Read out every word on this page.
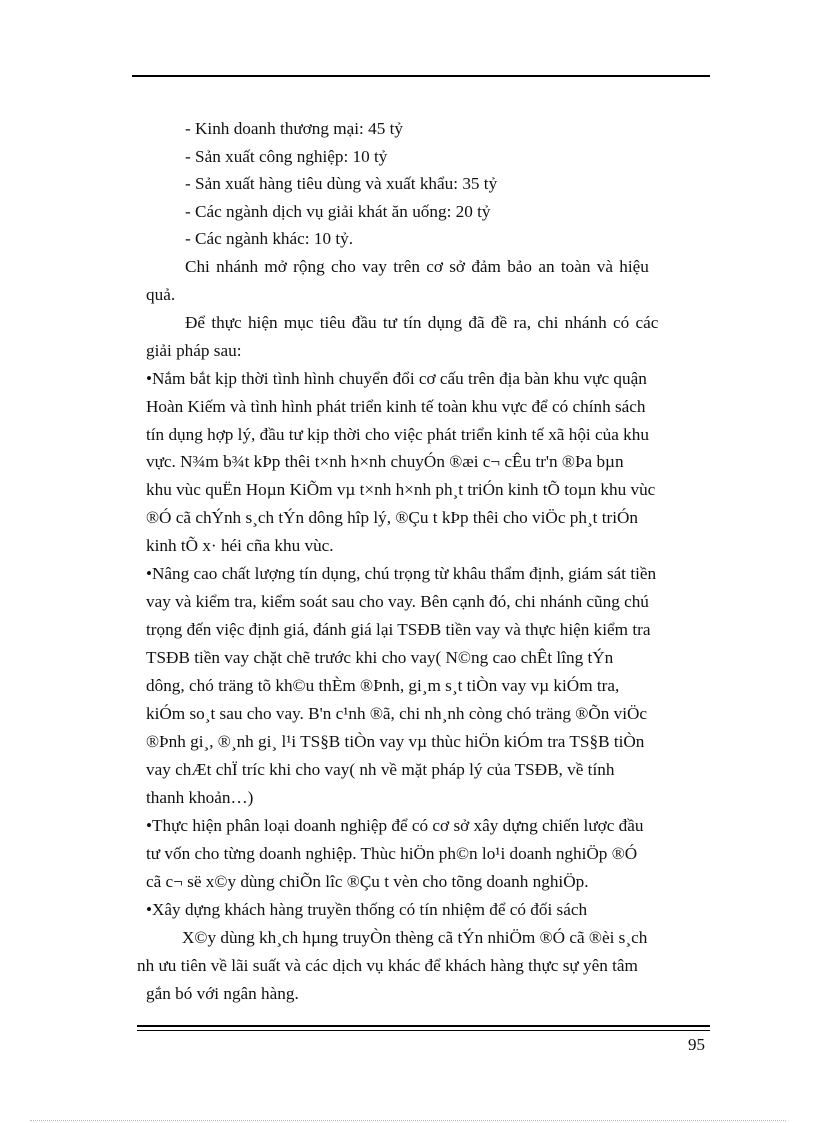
- Kinh doanh thương mại: 45 tỷ
- Sản xuất công nghiệp: 10 tỷ
- Sản xuất hàng tiêu dùng và xuất khẩu: 35 tỷ
- Các ngành dịch vụ giải khát ăn uống: 20 tỷ
- Các ngành khác: 10 tỷ.
Chi nhánh mở rộng cho vay trên cơ sở đảm bảo an toàn và hiệu
quả.
Để thực hiện mục tiêu đầu tư tín dụng đã đề ra, chi nhánh có các
giải pháp sau:
•Nắm bắt kịp thời tình hình chuyển đổi cơ cấu trên địa bàn khu vực quận
Hoàn Kiếm và tình hình phát triển kinh tế toàn khu vực để có chính sách
tín dụng hợp lý, đầu tư kịp thời cho việc phát triển kinh tế xã hội của khu
vực. N¾m b¾t kÞp thêi t×nh h×nh chuyÓn ®æi c¬ cÊu tr'n ®Þa bµn
khu vùc quËn Hoµn KiÕm vµ t×nh h×nh ph¸t triÓn kinh tÕ toµn khu vùc
®Ó cã chÝnh s¸ch tÝn dông hîp lý, ®Çu t kÞp thêi cho viÖc ph¸t triÓn
kinh tÕ x· héi cña khu vùc.
•Nâng cao chất lượng tín dụng, chú trọng từ khâu thẩm định, giám sát tiền
vay và kiểm tra, kiểm soát sau cho vay. Bên cạnh đó, chi nhánh cũng chú
trọng đến việc định giá, đánh giá lại TSĐB tiền vay và thực hiện kiểm tra
TSĐB tiền vay chặt chẽ trước khi cho vay( N©ng cao chÊt lîng tÝn
dông, chó träng tõ kh©u thÈm ®Þnh, gi¸m s¸t tiÒn vay vµ kiÓm tra,
kiÓm so¸t sau cho vay. B'n c¹nh ®ã, chi nh¸nh còng chó träng ®Õn viÖc
®Þnh gi¸, ®¸nh gi¸ l¹i TS§B tiÒn vay vµ thùc hiÖn kiÓm tra TS§B tiÒn
vay chÆt chÏ tríc khi cho vay( nh về mặt pháp lý của TSĐB, về tính
thanh khoản…)
•Thực hiện phân loại doanh nghiệp để có cơ sở xây dựng chiến lược đầu
tư vốn cho từng doanh nghiệp. Thùc hiÖn ph©n lo¹i doanh nghiÖp ®Ó
cã c¬ së x©y dùng chiÕn lîc ®Çu t vèn cho tõng doanh nghiÖp.
•Xây dựng khách hàng truyền thống có tín nhiệm để có đối sách
X©y dùng kh¸ch hµng truyÒn thèng cã tÝn nhiÖm ®Ó cã ®èi s¸ch
nh ưu tiên về lãi suất và các dịch vụ khác để khách hàng thực sự yên tâm
gắn bó với ngân hàng.
95
